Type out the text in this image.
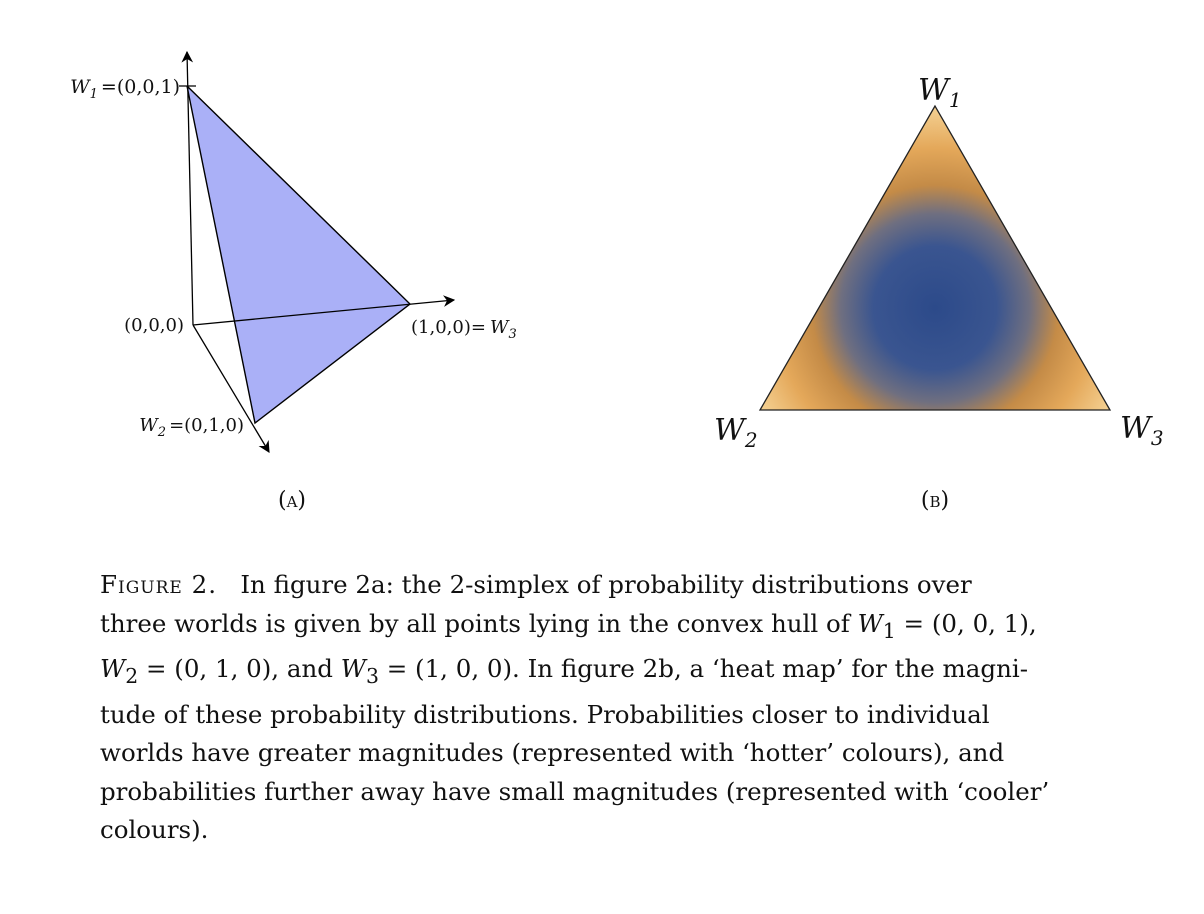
$W_1 =(0,0,1)$
(0,0,0)	$(1,0,0)= W_3$
$W_2 =(0,1,0)$
(a)
$W_1$
$W_2$	$W_3$
(b)
Figure 2. In figure 2a: the 2-simplex of probability distributions over
three worlds is given by all points lying in the convex hull of $W_1 = (0$, 0, 1),
$W_2 = (0$, 1, 0), and $W_3 = (1$, 0, 0). In figure 2b, a ‘heat map’ for the magni-
tude of these probability distributions. Probabilities closer to individual
worlds have greater magnitudes (represented with ‘hotter’ colours), and
probabilities further away have small magnitudes (represented with ‘cooler’
colours).
